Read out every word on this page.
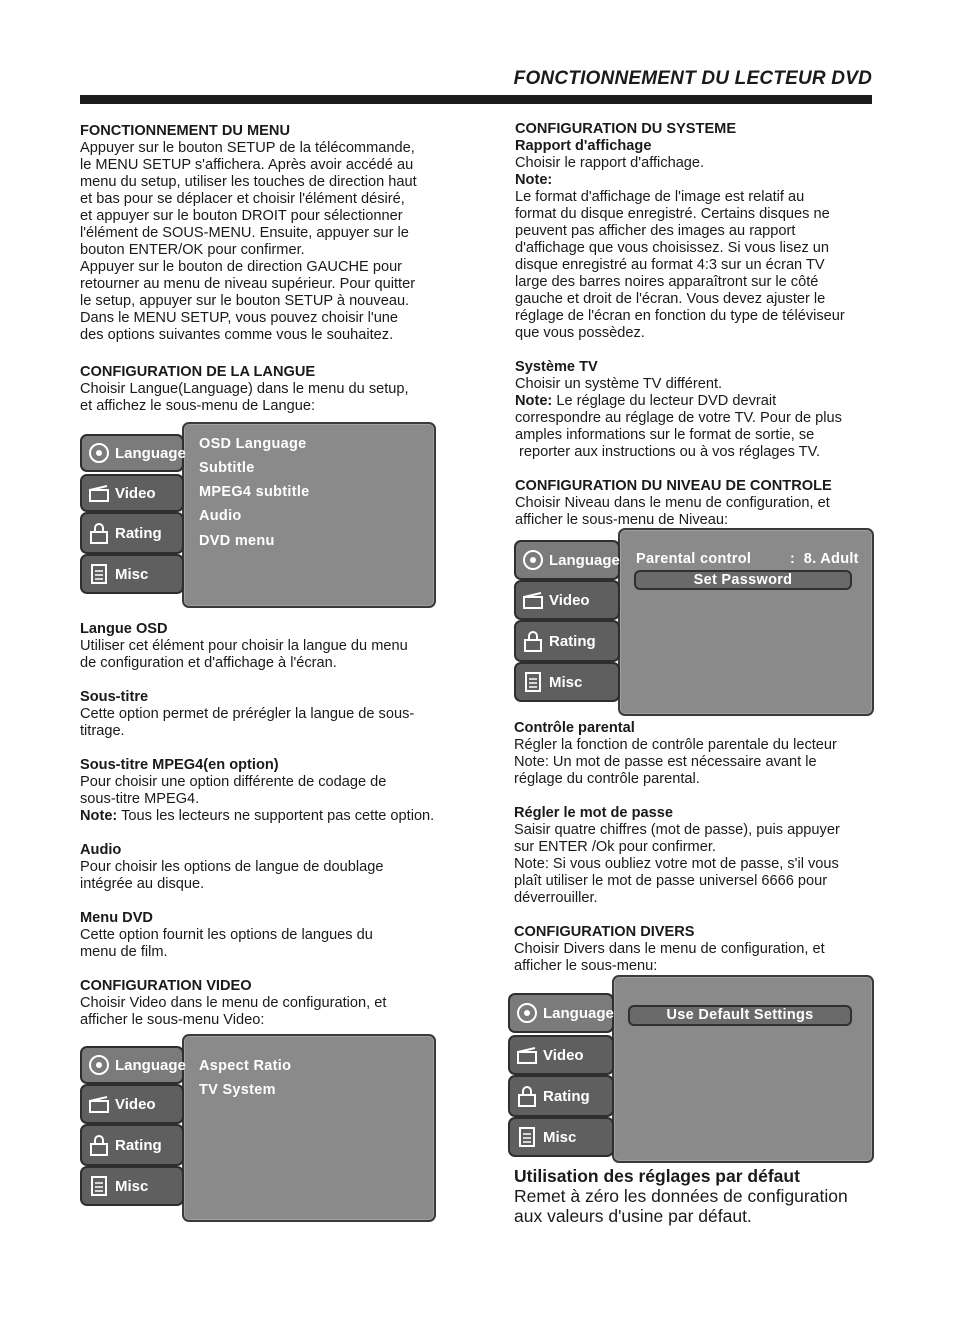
FONCTIONNEMENT DU LECTEUR DVD
FONCTIONNEMENT DU MENU

Appuyer sur le bouton SETUP de la télécommande,

le MENU SETUP s'affichera. Après avoir accédé au

menu du setup, utiliser les touches de direction haut

et bas pour se déplacer et choisir l'élément désiré,

et appuyer sur le bouton DROIT pour sélectionner

l'élément de SOUS-MENU. Ensuite, appuyer sur le

bouton ENTER/OK pour confirmer.

Appuyer sur le bouton de direction GAUCHE pour

retourner au menu de niveau supérieur. Pour quitter

le setup, appuyer sur le bouton SETUP à nouveau.

Dans le MENU SETUP, vous pouvez choisir l'une

des options suivantes comme vous le souhaitez.

CONFIGURATION DE LA LANGUE

Choisir Langue(Language) dans le menu du setup,

et affichez le sous-menu de Langue:

Language
Video
Rating
Misc
OSD Language
Subtitle
MPEG4 subtitle
Audio
DVD menu
Langue OSD

Utiliser cet élément pour choisir la langue du menu

de configuration et d'affichage à l'écran.

Sous-titre

Cette option permet de prérégler la langue de sous-

titrage.

Sous-titre MPEG4(en option)

Pour choisir une option différente de codage de

sous-titre MPEG4.

Note: Tous les lecteurs ne supportent pas cette option.

Audio

Pour choisir les options de langue de doublage

intégrée au disque.

Menu DVD

Cette option fournit les options de langues du

menu de film.

CONFIGURATION VIDEO

Choisir Video dans le menu de configuration, et

afficher le sous-menu Video:

Language
Video
Rating
Misc
Aspect Ratio
TV System
CONFIGURATION DU SYSTEME
Rapport d'affichage

Choisir le rapport d'affichage.

Note:

Le format d'affichage de l'image est relatif au

format du disque enregistré. Certains disques ne

peuvent pas afficher des images au rapport

d'affichage que vous choisissez. Si vous lisez un

disque enregistré au format 4:3 sur un écran TV

large des barres noires apparaîtront sur le côté

gauche et droit de l'écran. Vous devez ajuster le

réglage de l'écran en fonction du type de téléviseur

que vous possèdez.

Système TV

Choisir un système TV différent.

Note: Le réglage du lecteur DVD devrait

correspondre au réglage de votre TV. Pour de plus

amples informations sur le format de sortie, se

reporter aux instructions ou à vos réglages TV.

CONFIGURATION DU NIVEAU DE CONTROLE

Choisir Niveau dans le menu de configuration, et

afficher le sous-menu de Niveau:

Language
Video
Rating
Misc
Parental control	:  8. Adult
Set Password
Contrôle parental

Régler la fonction de contrôle parentale du lecteur

Note: Un mot de passe est nécessaire avant le

réglage du contrôle parental.

Régler le mot de passe

Saisir quatre chiffres (mot de passe), puis appuyer

sur ENTER /Ok pour confirmer.

Note: Si vous oubliez votre mot de passe, s'il vous

plaît utiliser le mot de passe universel 6666 pour

déverrouiller.

CONFIGURATION DIVERS

Choisir Divers dans le menu de configuration, et

afficher le sous-menu:

Language
Video
Rating
Misc
Use Default Settings

Utilisation des réglages par défaut

Remet à zéro les données de configuration

aux valeurs d'usine par défaut.
